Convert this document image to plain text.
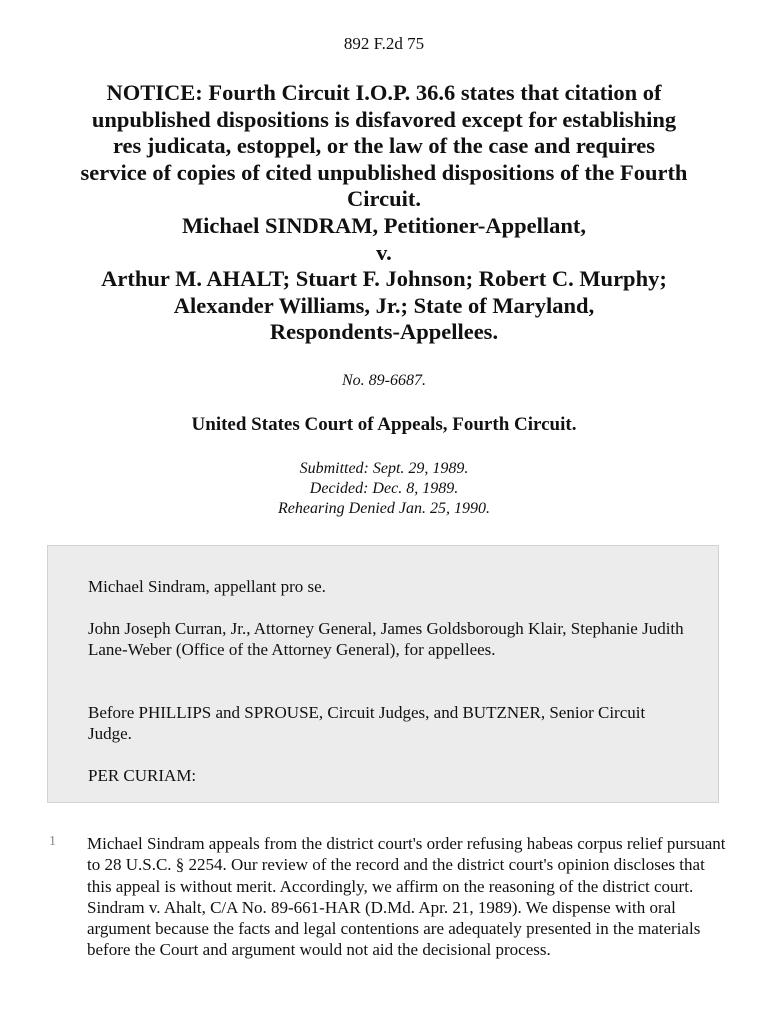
892 F.2d 75
NOTICE: Fourth Circuit I.O.P. 36.6 states that citation of
unpublished dispositions is disfavored except for establishing
res judicata, estoppel, or the law of the case and requires
service of copies of cited unpublished dispositions of the Fourth
Circuit.
Michael SINDRAM, Petitioner-Appellant,
v.
Arthur M. AHALT; Stuart F. Johnson; Robert C. Murphy;
Alexander Williams, Jr.; State of Maryland,
Respondents-Appellees.
No. 89-6687.
United States Court of Appeals, Fourth Circuit.
Submitted: Sept. 29, 1989.
Decided: Dec. 8, 1989.
Rehearing Denied Jan. 25, 1990.

Michael Sindram, appellant pro se.

John Joseph Curran, Jr., Attorney General, James Goldsborough Klair, Stephanie Judith Lane-Weber (Office of the Attorney General), for appellees.

Before PHILLIPS and SPROUSE, Circuit Judges, and BUTZNER, Senior Circuit Judge.

PER CURIAM:

1 Michael Sindram appeals from the district court's order refusing habeas corpus relief pursuant to 28 U.S.C. § 2254. Our review of the record and the district court's opinion discloses that this appeal is without merit. Accordingly, we affirm on the reasoning of the district court. Sindram v. Ahalt, C/A No. 89-661-HAR (D.Md. Apr. 21, 1989). We dispense with oral argument because the facts and legal contentions are adequately presented in the materials before the Court and argument would not aid the decisional process.
